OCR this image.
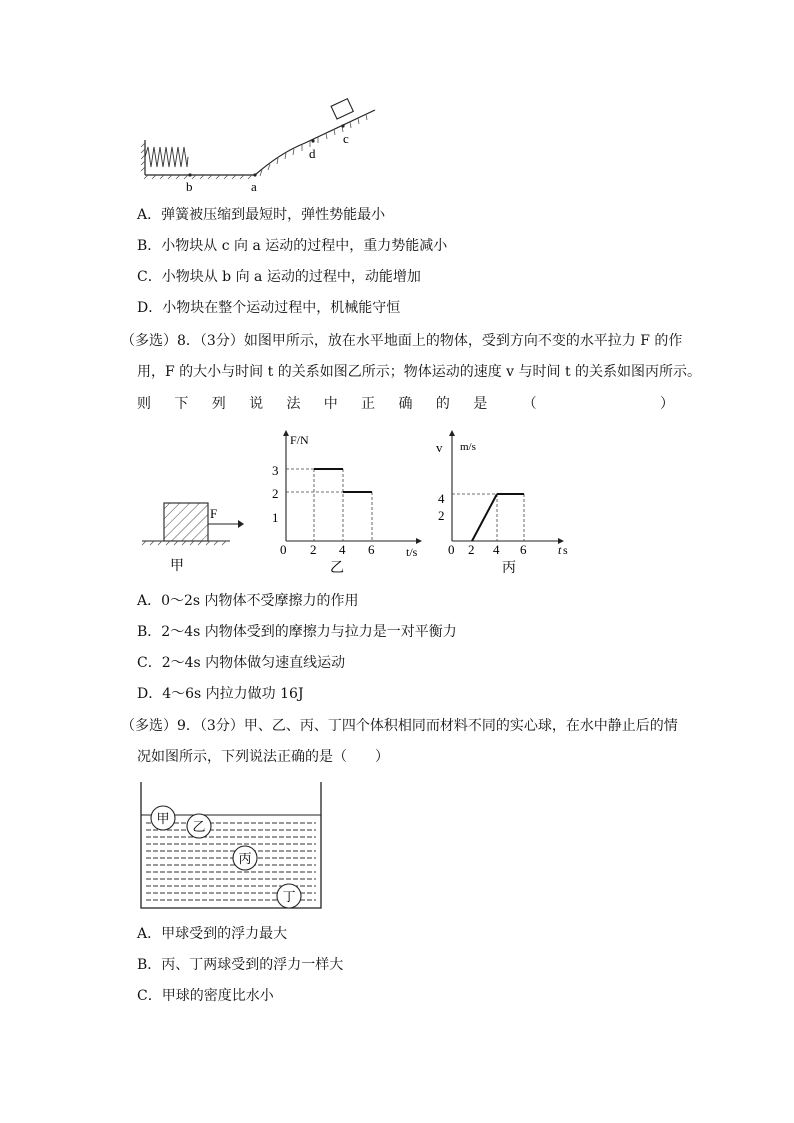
b	a
d
c
A．弹簧被压缩到最短时，弹性势能最小
B．小物块从 c 向 a 运动的过程中，重力势能减小
C．小物块从 b 向 a 运动的过程中，动能增加
D．小物块在整个运动过程中，机械能守恒
（多选）8．（3分）如图甲所示，放在水平地面上的物体，受到方向不变的水平拉力 F 的作
用，F 的大小与时间 t 的关系如图乙所示；物体运动的速度 v 与时间 t 的关系如图丙所示。
则 下 列 说 法 中 正 确 的 是	（	）
F
甲
F/N
t/s
3
2
1
0 2 4 6
乙
v m/s
t s
4
2
0 2 4 6
丙
A．0～2s 内物体不受摩擦力的作用
B．2～4s 内物体受到的摩擦力与拉力是一对平衡力
C．2～4s 内物体做匀速直线运动
D．4～6s 内拉力做功 16J
（多选）9．（3分）甲、乙、丙、丁四个体积相同而材料不同的实心球，在水中静止后的情
况如图所示，下列说法正确的是（　　）
甲
乙
丙
丁
A．甲球受到的浮力最大
B．丙、丁两球受到的浮力一样大
C．甲球的密度比水小
